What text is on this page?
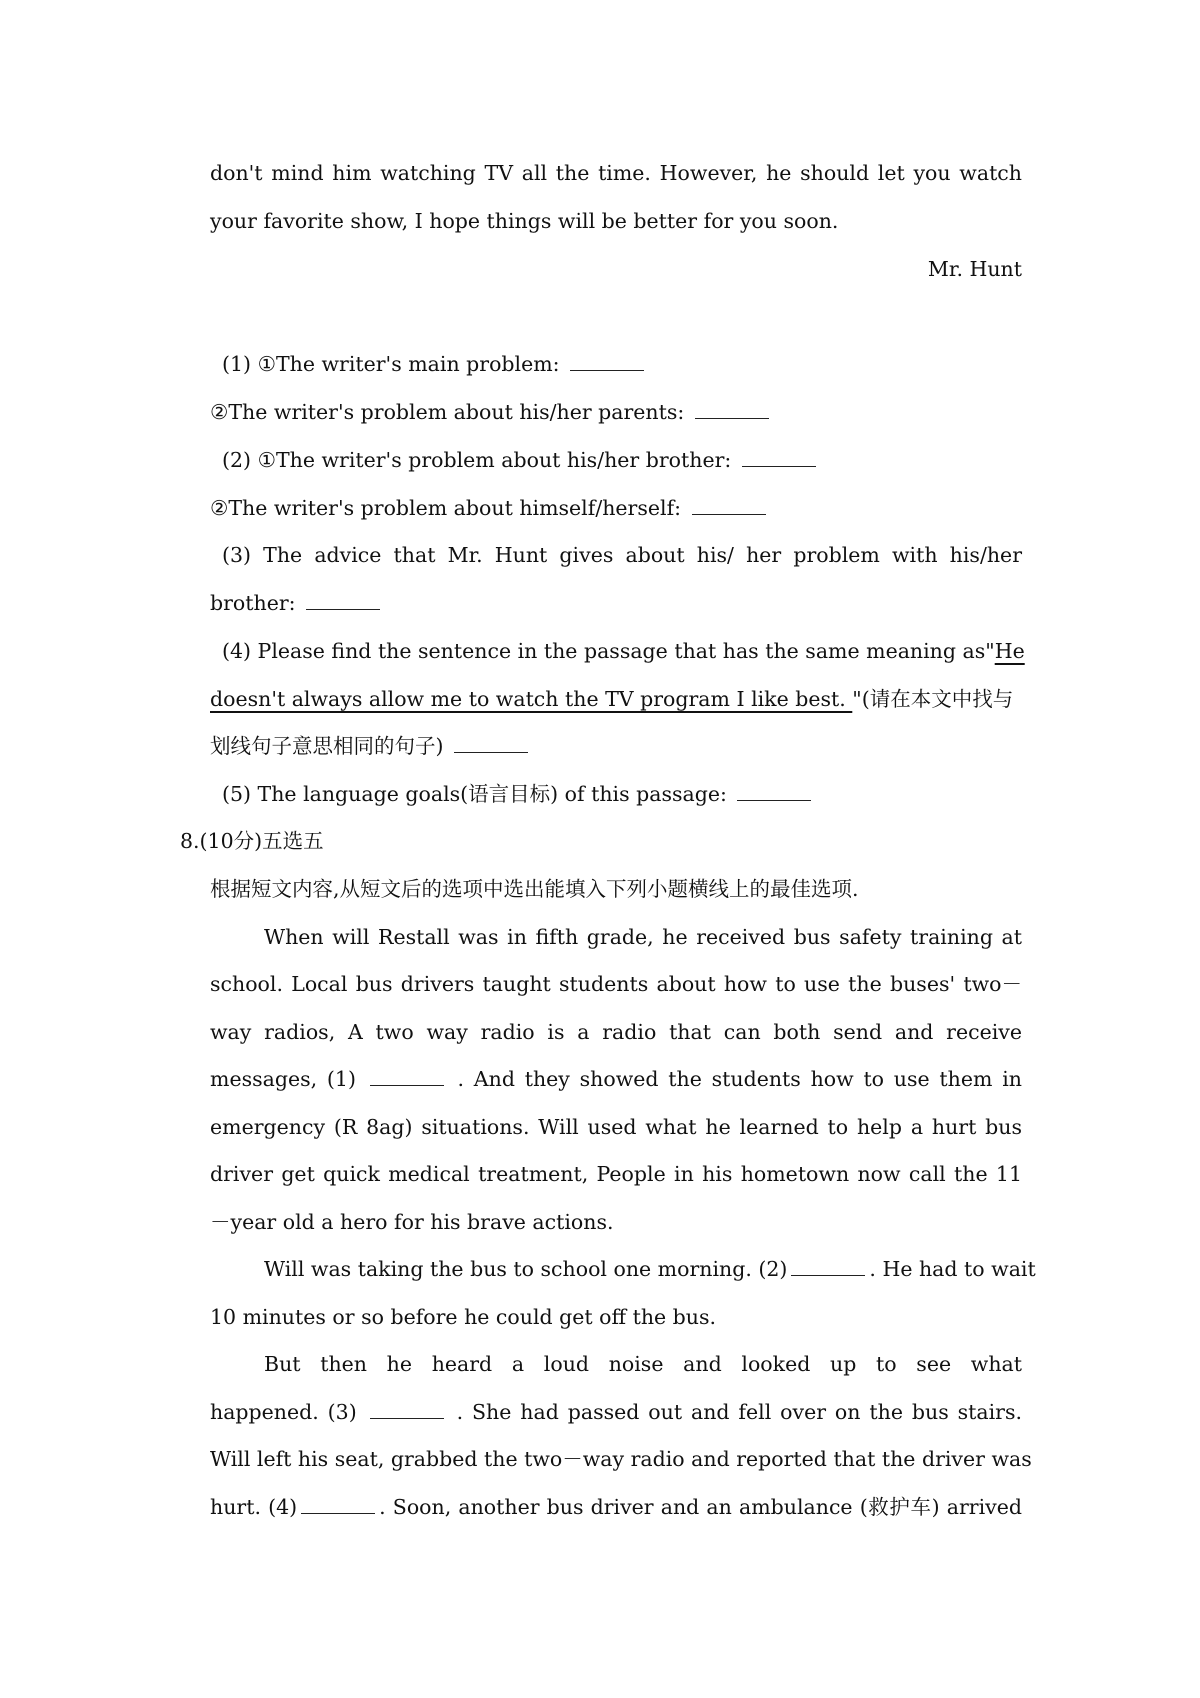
don't mind him watching TV all the time. However, he should let you watch
your favorite show, I hope things will be better for you soon.
Mr. Hunt
(1) ①The writer's main problem:
②The writer's problem about his/her parents:
(2) ①The writer's problem about his/her brother:
②The writer's problem about himself/herself:
(3) The advice that Mr. Hunt gives about his/ her problem with his/her
brother:
(4) Please find the sentence in the passage that has the same meaning as"He
doesn't always allow me to watch the TV program I like best. "(请在本文中找与
划线句子意思相同的句子)
(5) The language goals(语言目标) of this passage:
8.(10分)五选五
根据短文内容,从短文后的选项中选出能填入下列小题横线上的最佳选项.
When will Restall was in fifth grade, he received bus safety training at
school. Local bus drivers taught students about how to use the buses' two－
way radios, A two way radio is a radio that can both send and receive
messages, (1)	. And they showed the students how to use them in
emergency (R 8ag) situations. Will used what he learned to help a hurt bus
driver get quick medical treatment, People in his hometown now call the 11
－year old a hero for his brave actions.
Will was taking the bus to school one morning. (2)	. He had to wait
10 minutes or so before he could get off the bus.
But then he heard a loud noise and looked up to see what
happened. (3)	. She had passed out and fell over on the bus stairs.
Will left his seat, grabbed the two－way radio and reported that the driver was
hurt. (4)	. Soon, another bus driver and an ambulance (救护车) arrived
